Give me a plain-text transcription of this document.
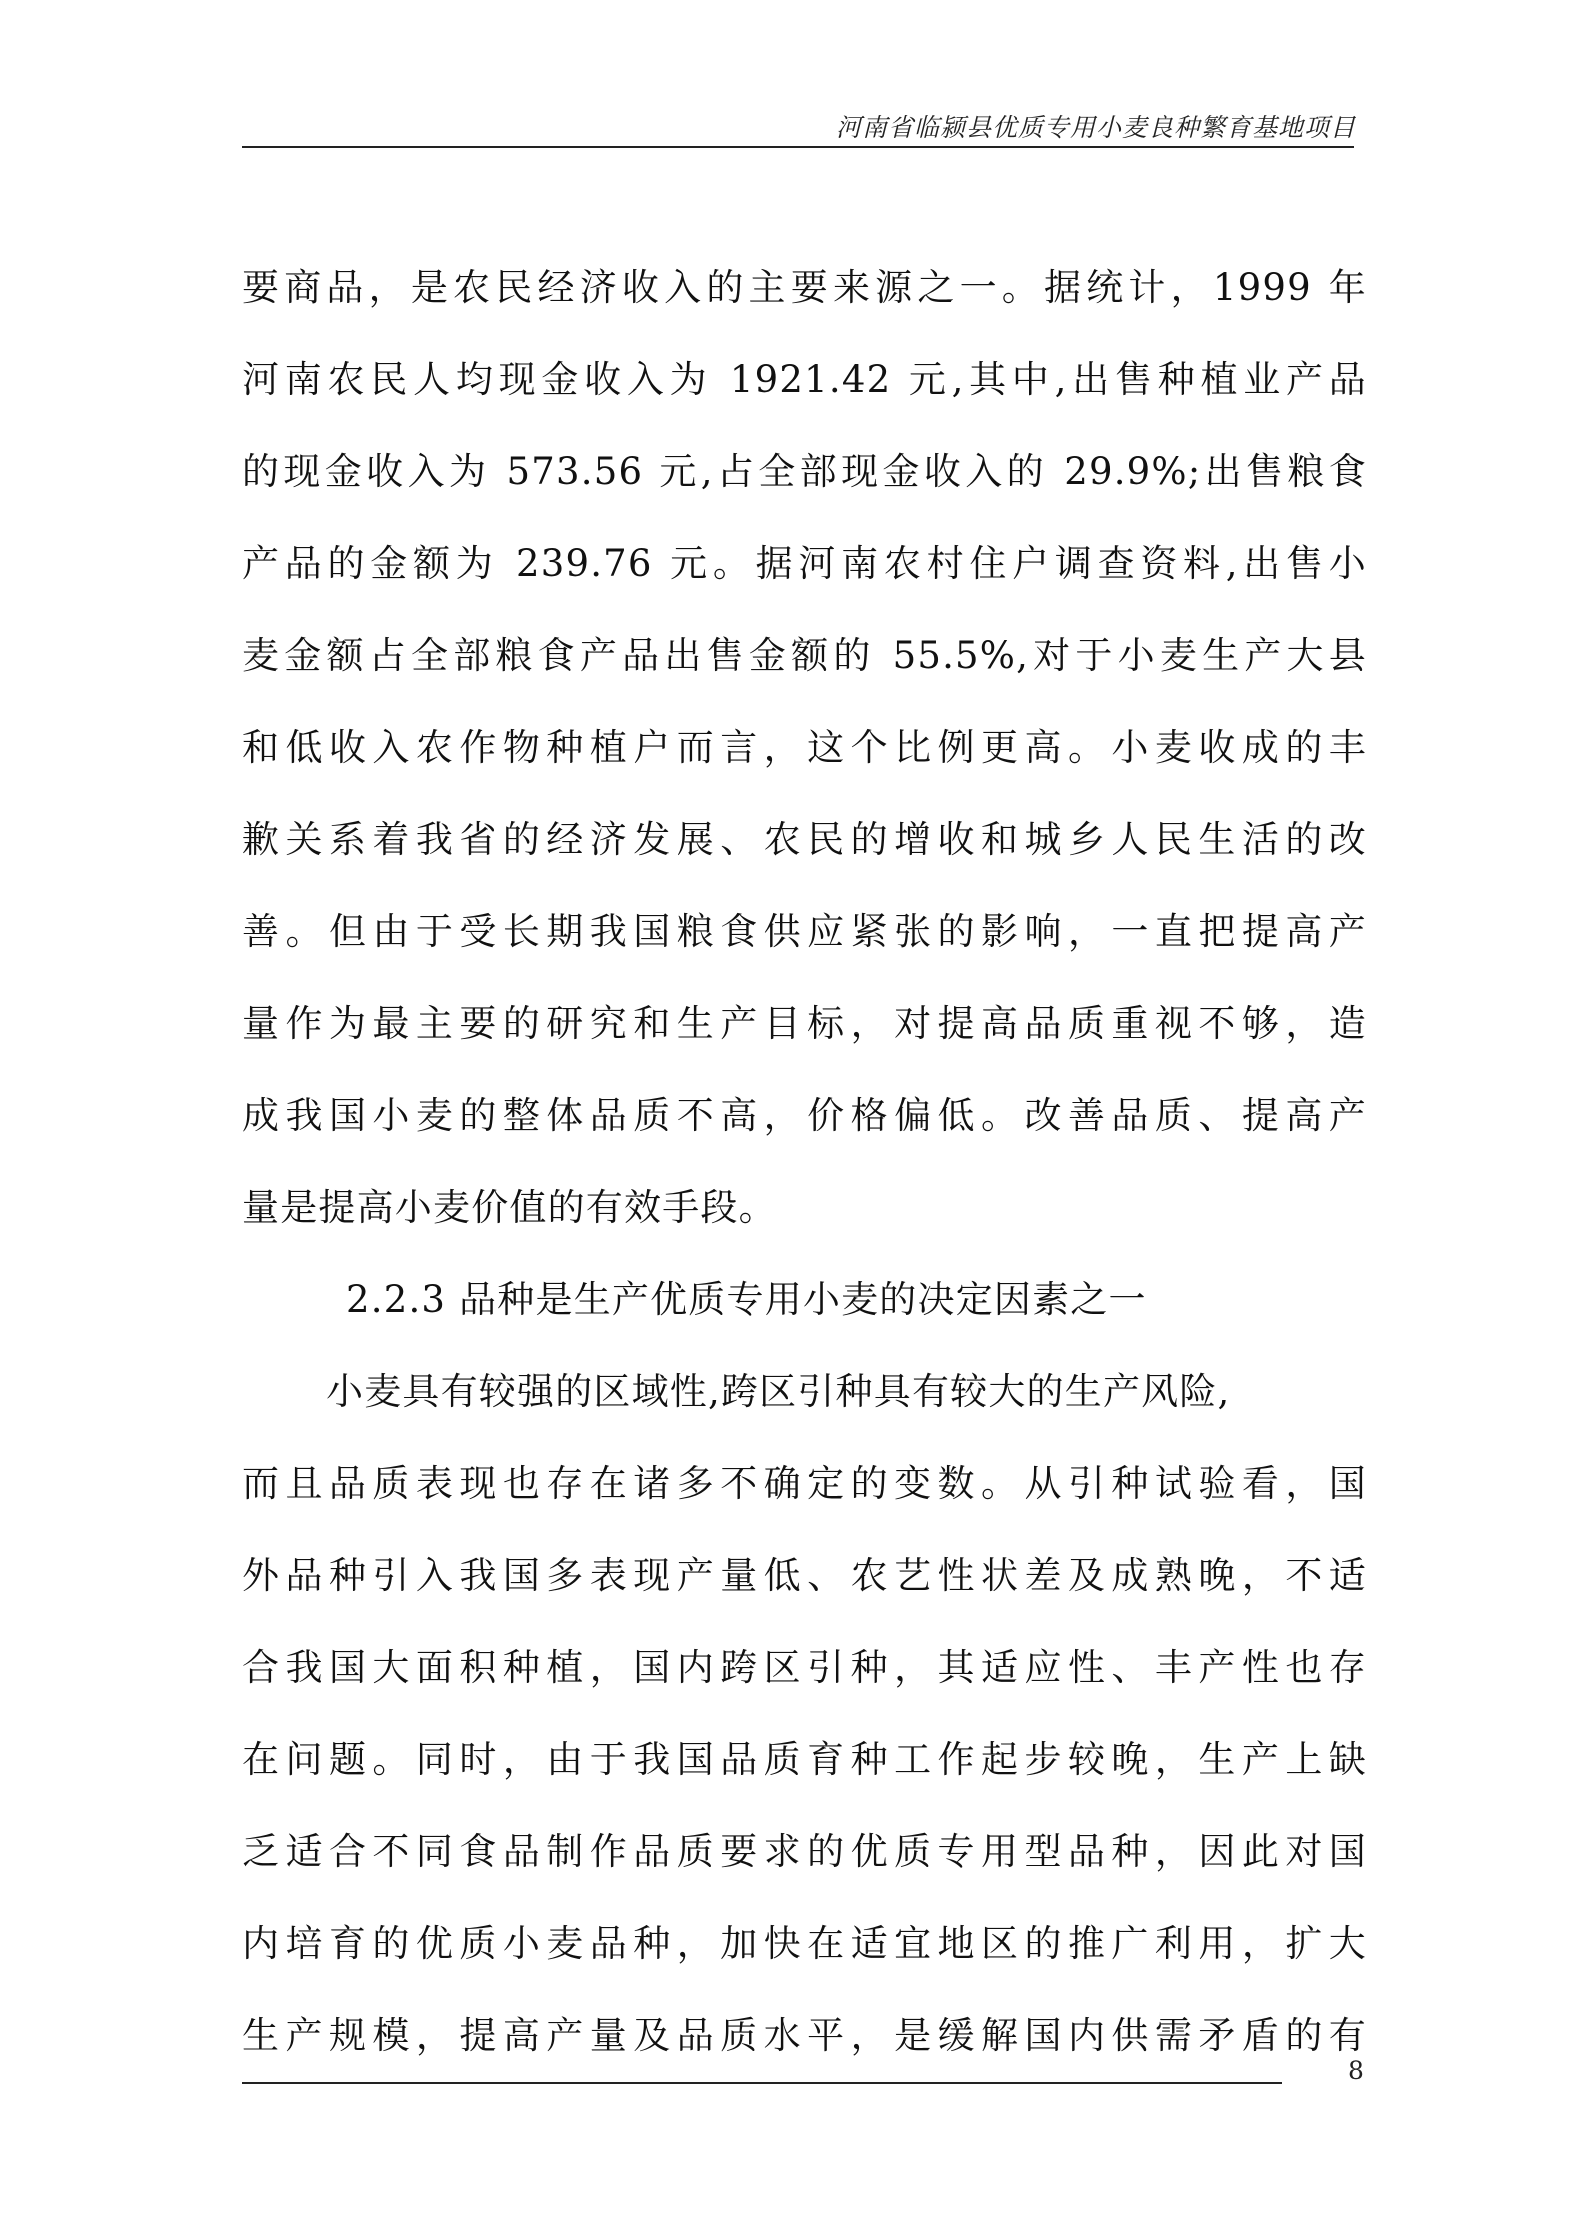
河南省临颍县优质专用小麦良种繁育基地项目
要商品，是农民经济收入的主要来源之一。据统计，1999 年
河南农民人均现金收入为 1921.42 元,其中,出售种植业产品
的现金收入为 573.56 元,占全部现金收入的 29.9%;出售粮食
产品的金额为 239.76 元。据河南农村住户调查资料,出售小
麦金额占全部粮食产品出售金额的 55.5%,对于小麦生产大县
和低收入农作物种植户而言，这个比例更高。小麦收成的丰
歉关系着我省的经济发展、农民的增收和城乡人民生活的改
善。但由于受长期我国粮食供应紧张的影响，一直把提高产
量作为最主要的研究和生产目标，对提高品质重视不够，造
成我国小麦的整体品质不高，价格偏低。改善品质、提高产
量是提高小麦价值的有效手段。
2.2.3 品种是生产优质专用小麦的决定因素之一
小麦具有较强的区域性,跨区引种具有较大的生产风险,
而且品质表现也存在诸多不确定的变数。从引种试验看，国
外品种引入我国多表现产量低、农艺性状差及成熟晚，不适
合我国大面积种植，国内跨区引种，其适应性、丰产性也存
在问题。同时，由于我国品质育种工作起步较晚，生产上缺
乏适合不同食品制作品质要求的优质专用型品种，因此对国
内培育的优质小麦品种，加快在适宜地区的推广利用，扩大
生产规模，提高产量及品质水平，是缓解国内供需矛盾的有
8
